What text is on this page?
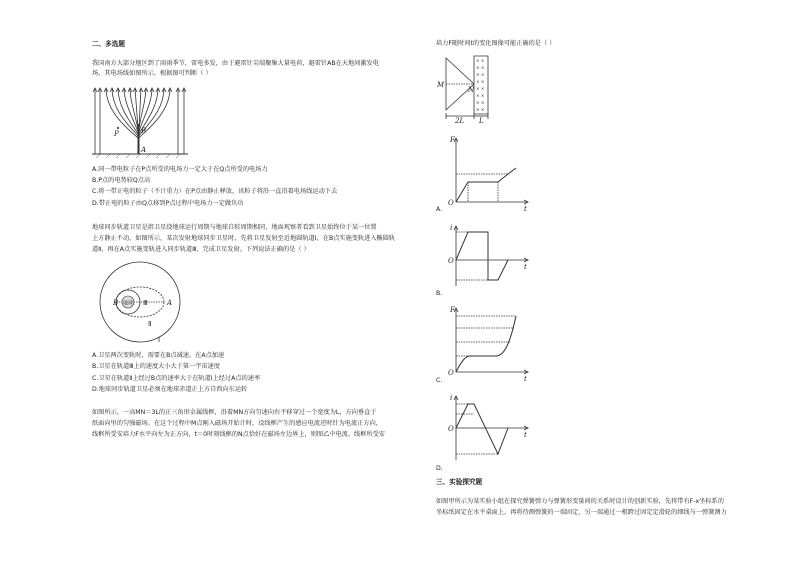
二、多选题
我国南方大部分地区到了雨雨季节，雷电多发，由于避雷针尖端聚集大量电荷，避雷针AB在天地间激发电
场，其电场线如图所示，根据图可判断（ ）
B
P
A
A.同一带电粒子在P点所受的电场力一定大于在Q点所受的电场力
B.P点的电势较Q点高
C.将一带正电的粒子（不计重力）在P点由静止释放，该粒子将沿一直沿着电场线运动下去
D.带正电的粒子由Q点移到P点过程中电场力一定做负功
地球同步轨道卫星是指卫星绕地球运行周期与地球自转周期相同，地面观察者看到卫星始终位于某一位置
上方静止不动。如图所示，某次发射地球同步卫星时，先将卫星发射至近地圆轨道Ⅰ，在B点实施变轨进入椭圆轨
道Ⅱ，再在A点实施变轨进入同步轨道Ⅲ，完成卫星发射。下列说法正确的是（ ）
B 地球 Ⅲ	A
Ⅱ
Ⅰ
A.卫星两次变轨时，需要在B点减速，在A点加速
B.卫星在轨道Ⅲ上的速度大小大于第一宇宙速度
C.卫星在轨道Ⅱ上经过B点的速率大于在轨道Ⅰ上经过A点的速率
D.地球同步轨道卫星必须在地球赤道正上方自西向东运转
如图所示，一高MN＝3L的正三角形金属线框，沿着MN方向匀速向右平移穿过一个宽度为L，方向垂直于
纸面向里的匀强磁场。在这个过程中M点刚入磁场开始计时，设线框产生的感应电流逆时针为电流正方向，
线框所受安培力F水平向左为正方向，t＝0时刻线框的N点恰好在磁场左边界上，则图乙中电流、线框所受安
培力F随时间t的变化图像可能正确的是（ ）
× ×
× ×
× ×
× ×
× ×
× ×
× ×
× ×
M
N
2L L
F
O
t
A.
i
O
t
B.
F
O
t
C.
i
O
t
D.
三、实验探究题
如图甲所示为某实验小组在探究弹簧弹力与弹簧形变量间的关系时设计的创新实验，先将带有F-x坐标系的
坐标纸固定在水平桌面上，再将待测弹簧的一端固定，另一端通过一根跨过固定定滑轮的细线与一弹簧测力
